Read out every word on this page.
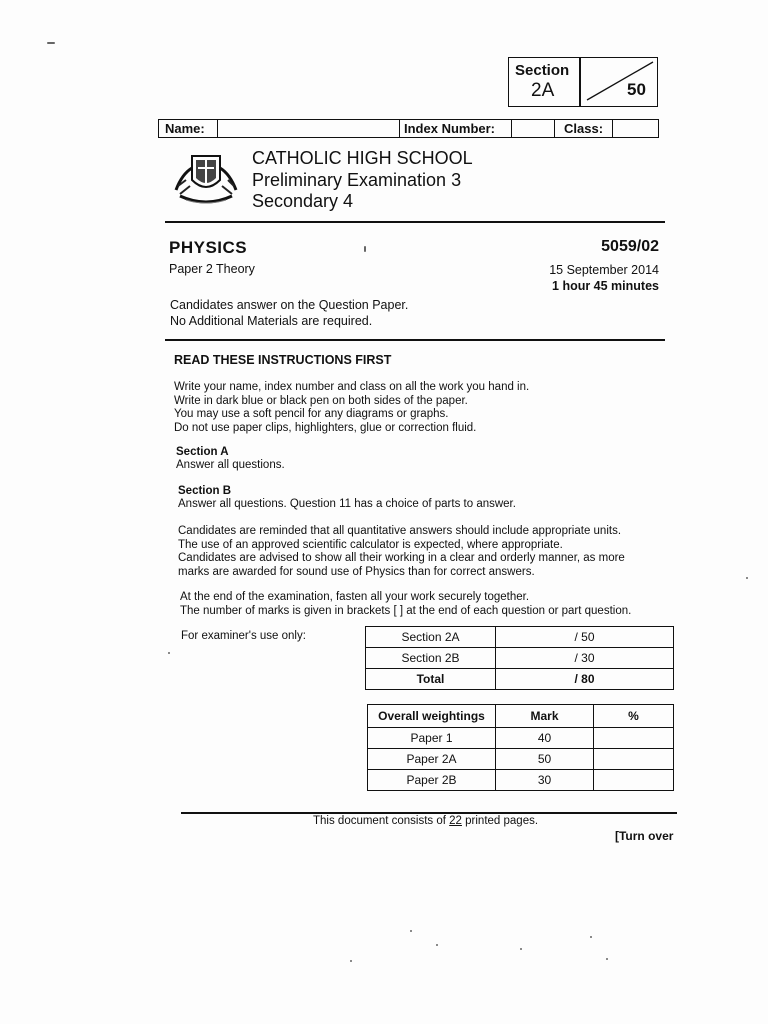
Section
2A	50
Name:	Index Number:	Class:
CATHOLIC HIGH SCHOOL
Preliminary Examination 3
Secondary 4
PHYSICS	5059/02
Paper 2 Theory	15 September 2014
1 hour 45 minutes
Candidates answer on the Question Paper.
No Additional Materials are required.
READ THESE INSTRUCTIONS FIRST
Write your name, index number and class on all the work you hand in.
Write in dark blue or black pen on both sides of the paper.
You may use a soft pencil for any diagrams or graphs.
Do not use paper clips, highlighters, glue or correction fluid.
Section A
Answer all questions.
Section B
Answer all questions. Question 11 has a choice of parts to answer.
Candidates are reminded that all quantitative answers should include appropriate units.
The use of an approved scientific calculator is expected, where appropriate.
Candidates are advised to show all their working in a clear and orderly manner, as more
marks are awarded for sound use of Physics than for correct answers.
At the end of the examination, fasten all your work securely together.
The number of marks is given in brackets [ ] at the end of each question or part question.
For examiner's use only:	Section 2A	/ 50
Section 2B	/ 30
Total	/ 80
Overall weightings	Mark	%
Paper 1	40	
Paper 2A	50	
Paper 2B	30	
This document consists of 22 printed pages.
[Turn over
